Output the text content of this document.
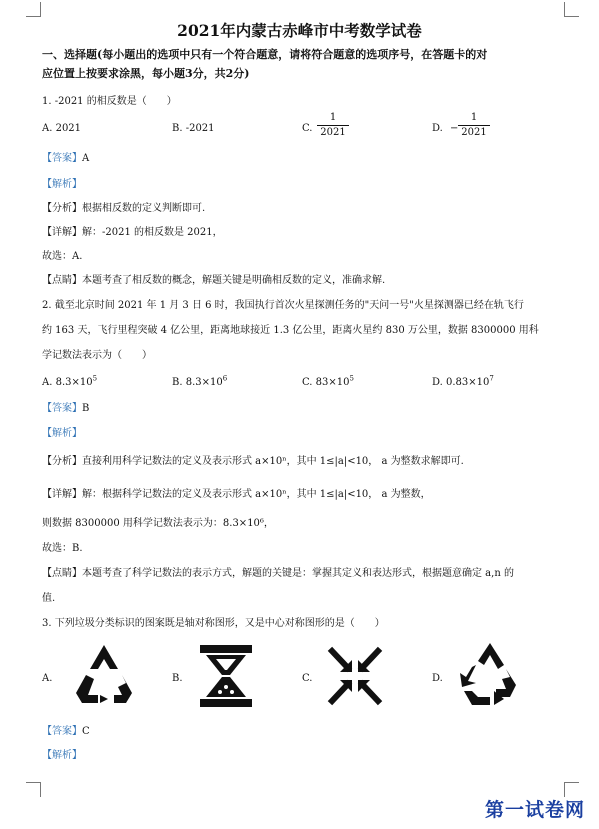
2021年内蒙古赤峰市中考数学试卷
一、选择题(每小题出的选项中只有一个符合题意，请将符合题意的选项序号，在答题卡的对
应位置上按要求涂黑，每小题3分，共2分)
1. -2021 的相反数是（　　）
A. 2021	B. -2021	C.
1
2021	D. −
1
2021
【答案】A
【解析】
【分析】根据相反数的定义判断即可.
【详解】解：-2021 的相反数是 2021，
故选：A.
【点睛】本题考查了相反数的概念，解题关键是明确相反数的定义，准确求解.
2. 截至北京时间 2021 年 1 月 3 日 6 时，我国执行首次火星探测任务的"天问一号"火星探测器已经在轨飞行
约 163 天，飞行里程突破 4 亿公里，距离地球接近 1.3 亿公里，距离火星约 830 万公里，数据 8300000 用科
学记数法表示为（　　）
A. $8.3\times 10^5$	B. $8.3\times 10^6$	C. $83\times 10^5$	D. $0.83\times 10^7$
【答案】B
【解析】
【分析】直接利用科学记数法的定义及表示形式 a×10ⁿ，其中 1≤|a|<10， a 为整数求解即可.
【详解】解：根据科学记数法的定义及表示形式 a×10ⁿ，其中 1≤|a|<10， a 为整数，
则数据 8300000 用科学记数法表示为：8.3×10⁶，
故选：B.
【点睛】本题考查了科学记数法的表示方式，解题的关键是：掌握其定义和表达形式，根据题意确定 a,n 的
值.
3. 下列垃圾分类标识的图案既是轴对称图形，又是中心对称图形的是（　　）
A.	B.	C.	D.
【答案】C
【解析】
第一试卷网
